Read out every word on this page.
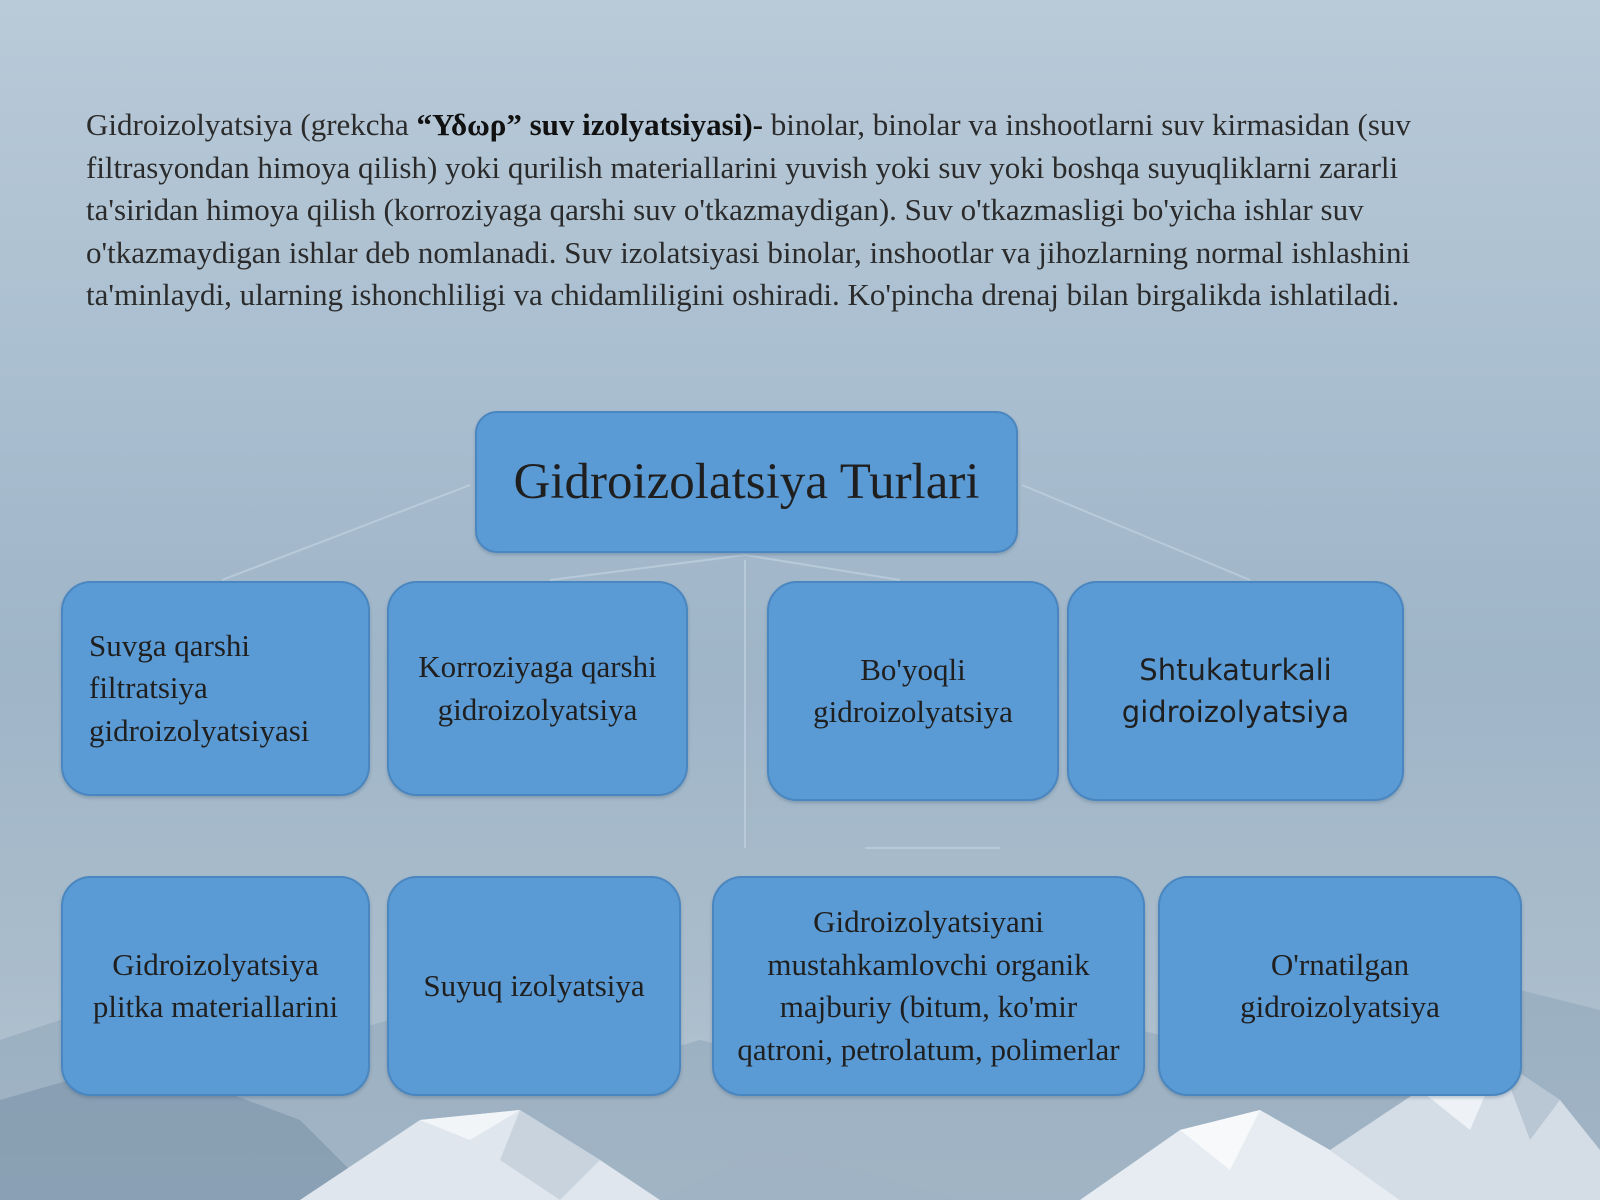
Gidroizolyatsiya (grekcha “Υδωρ” suv izolyatsiyasi)- binolar, binolar va inshootlarni suv kirmasidan (suv filtrasyondan himoya qilish) yoki qurilish materiallarini yuvish yoki suv yoki boshqa suyuqliklarni zararli ta'siridan himoya qilish (korroziyaga qarshi suv o'tkazmaydigan). Suv o'tkazmasligi bo'yicha ishlar suv o'tkazmaydigan ishlar deb nomlanadi. Suv izolatsiyasi binolar, inshootlar va jihozlarning normal ishlashini ta'minlaydi, ularning ishonchliligi va chidamliligini oshiradi. Ko'pincha drenaj bilan birgalikda ishlatiladi.

Gidroizolatsiya Turlari
Suvga qarshi filtratsiya gidroizolyatsiyasi
Korroziyaga qarshi gidroizolyatsiya
Bo'yoqli gidroizolyatsiya
Shtukaturkali gidroizolyatsiya
Gidroizolyatsiya plitka materiallarini
Suyuq izolyatsiya
Gidroizolyatsiyani mustahkamlovchi organik majburiy (bitum, ko'mir qatroni, petrolatum, polimerlar
O'rnatilgan gidroizolyatsiya
